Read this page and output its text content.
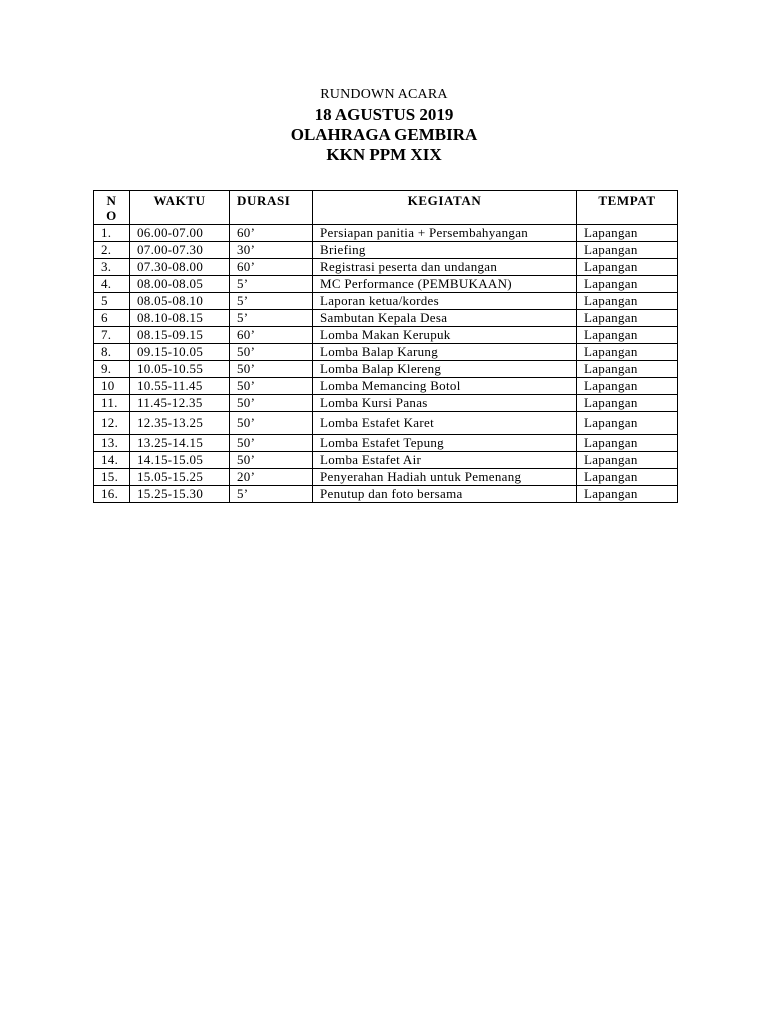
RUNDOWN ACARA
18 AGUSTUS 2019
OLAHRAGA GEMBIRA
KKN PPM XIX
N
O	WAKTU	DURASI	KEGIATAN	TEMPAT
1.	06.00-07.00	60’	Persiapan panitia + Persembahyangan	Lapangan
2.	07.00-07.30	30’	Briefing	Lapangan
3.	07.30-08.00	60’	Registrasi peserta dan undangan	Lapangan
4.	08.00-08.05	5’	MC Performance (PEMBUKAAN)	Lapangan
5	08.05-08.10	5’	Laporan ketua/kordes	Lapangan
6	08.10-08.15	5’	Sambutan Kepala Desa	Lapangan
7.	08.15-09.15	60’	Lomba Makan Kerupuk	Lapangan
8.	09.15-10.05	50’	Lomba Balap Karung	Lapangan
9.	10.05-10.55	50’	Lomba Balap Klereng	Lapangan
10	10.55-11.45	50’	Lomba Memancing Botol	Lapangan
11.	11.45-12.35	50’	Lomba Kursi Panas	Lapangan
12.	12.35-13.25	50’	Lomba Estafet Karet	Lapangan
13.	13.25-14.15	50’	Lomba Estafet Tepung	Lapangan
14.	14.15-15.05	50’	Lomba Estafet Air	Lapangan
15.	15.05-15.25	20’	Penyerahan Hadiah untuk Pemenang	Lapangan
16.	15.25-15.30	5’	Penutup dan foto bersama	Lapangan
